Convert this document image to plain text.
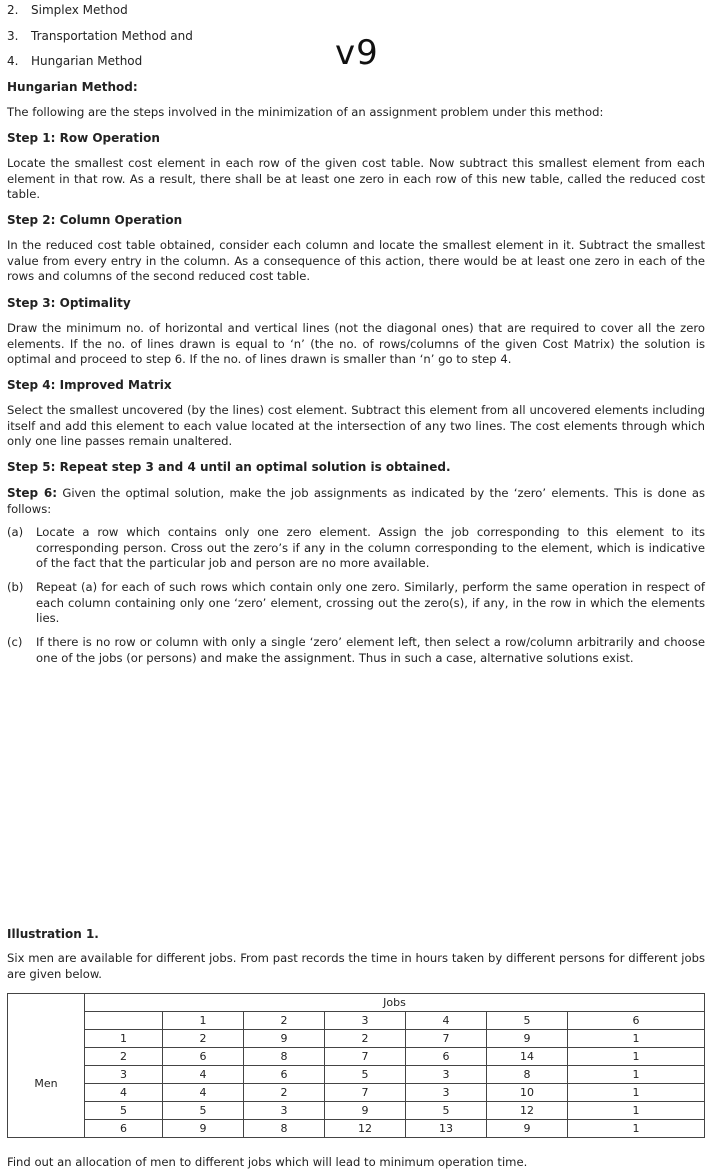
2. Simplex Method
3. Transportation Method and
4. Hungarian Method	v9
Hungarian Method:
The following are the steps involved in the minimization of an assignment problem under this method:
Step 1: Row Operation
Locate the smallest cost element in each row of the given cost table. Now subtract this smallest element from each element in that row. As a result, there shall be at least one zero in each row of this new table, called the reduced cost table.
Step 2: Column Operation
In the reduced cost table obtained, consider each column and locate the smallest element in it. Subtract the smallest value from every entry in the column. As a consequence of this action, there would be at least one zero in each of the rows and columns of the second reduced cost table.
Step 3: Optimality
Draw the minimum no. of horizontal and vertical lines (not the diagonal ones) that are required to cover all the zero elements. If the no. of lines drawn is equal to ‘n’ (the no. of rows/columns of the given Cost Matrix) the solution is optimal and proceed to step 6. If the no. of lines drawn is smaller than ‘n’ go to step 4.
Step 4: Improved Matrix
Select the smallest uncovered (by the lines) cost element. Subtract this element from all uncovered elements including itself and add this element to each value located at the intersection of any two lines. The cost elements through which only one line passes remain unaltered.
Step 5: Repeat step 3 and 4 until an optimal solution is obtained.
Step 6: Given the optimal solution, make the job assignments as indicated by the ‘zero’ elements. This is done as follows:
(a) Locate a row which contains only one zero element. Assign the job corresponding to this element to its corresponding person. Cross out the zero’s if any in the column corresponding to the element, which is indicative of the fact that the particular job and person are no more available.
(b) Repeat (a) for each of such rows which contain only one zero. Similarly, perform the same operation in respect of each column containing only one ‘zero’ element, crossing out the zero(s), if any, in the row in which the elements lies.
(c) If there is no row or column with only a single ‘zero’ element left, then select a row/column arbitrarily and choose one of the jobs (or persons) and make the assignment. Thus in such a case, alternative solutions exist.
Illustration 1.
Six men are available for different jobs. From past records the time in hours taken by different persons for different jobs are given below.
	Jobs						
		1	2	3	4	5	6
Men	1	2	9	2	7	9	1
	2	6	8	7	6	14	1
	3	4	6	5	3	8	1
	4	4	2	7	3	10	1
	5	5	3	9	5	12	1
	6	9	8	12	13	9	1
Find out an allocation of men to different jobs which will lead to minimum operation time.
